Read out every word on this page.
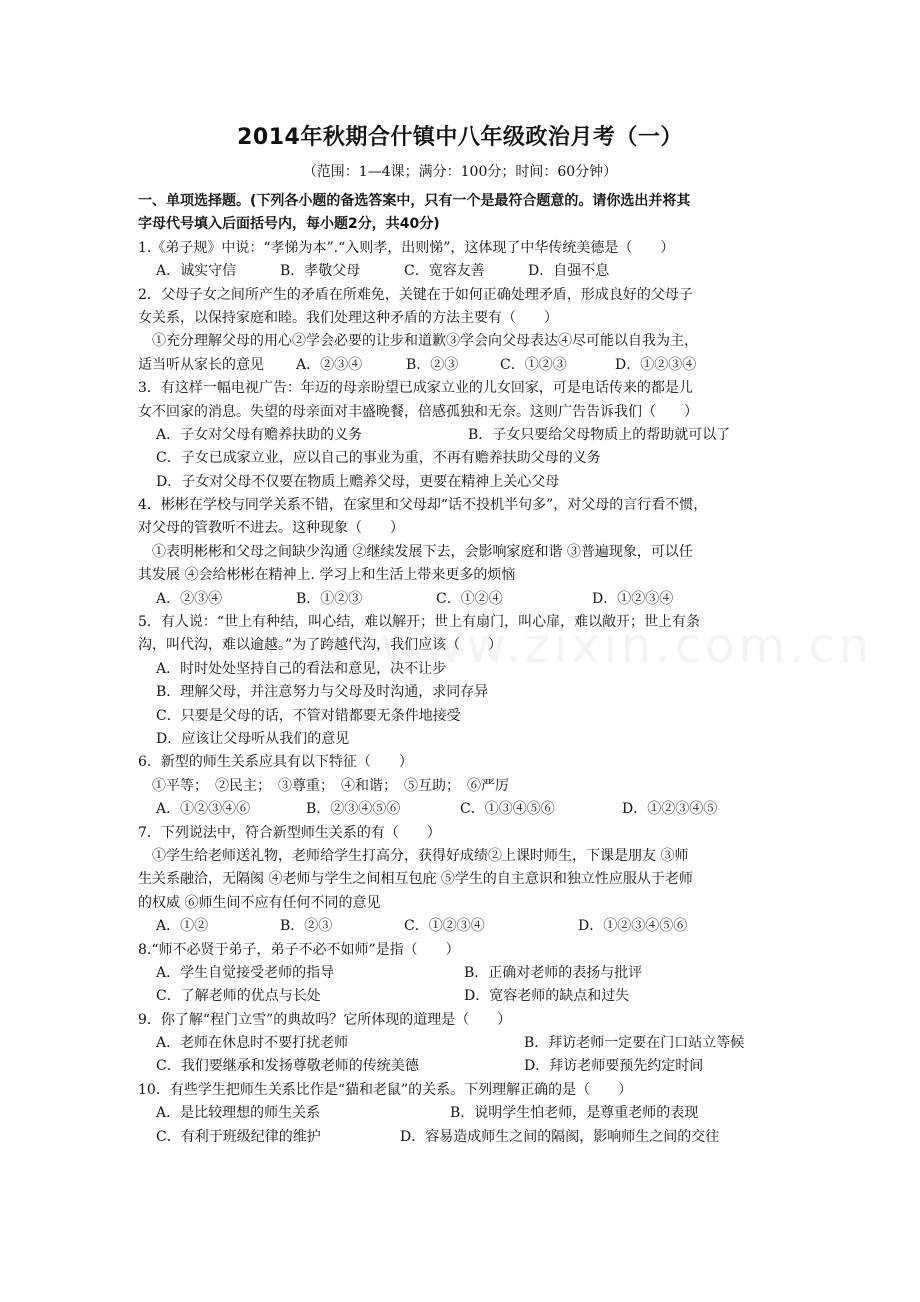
2014年秋期合什镇中八年级政治月考（一）
（范围：1—4课；满分：100分；时间：60分钟）
一、单项选择题。(下列各小题的备选答案中，只有一个是最符合题意的。请你选出并将其
字母代号填入后面括号内，每小题2分，共40分)
1.《弟子规》中说：“孝悌为本”.“入则孝，出则悌”，这体现了中华传统美德是（　　）
A．诚实守信	B．孝敬父母	C．宽容友善	D．自强不息
2．父母子女之间所产生的矛盾在所难免，关键在于如何正确处理矛盾，形成良好的父母子
女关系，以保持家庭和睦。我们处理这种矛盾的方法主要有（　　）
①充分理解父母的用心②学会必要的让步和道歉③学会向父母表达④尽可能以自我为主，
适当听从家长的意见	A．②③④	B．②③	C．①②③	D．①②③④
3．有这样一幅电视广告：年迈的母亲盼望已成家立业的儿女回家，可是电话传来的都是儿
女不回家的消息。失望的母亲面对丰盛晚餐，倍感孤独和无奈。这则广告告诉我们（　　）
A．子女对父母有赡养扶助的义务	B．子女只要给父母物质上的帮助就可以了
C．子女已成家立业，应以自己的事业为重，不再有赡养扶助父母的义务
D．子女对父母不仅要在物质上赡养父母，更要在精神上关心父母
4．彬彬在学校与同学关系不错，在家里和父母却“话不投机半句多”，对父母的言行看不惯，
对父母的管教听不进去。这种现象（　　）
①表明彬彬和父母之间缺少沟通 ②继续发展下去，会影响家庭和谐 ③普遍现象，可以任
其发展 ④会给彬彬在精神上. 学习上和生活上带来更多的烦恼
A．②③④	B．①②③	C．①②④	D．①②③④
5．有人说：“世上有种结，叫心结，难以解开；世上有扇门，叫心扉，难以敞开；世上有条
沟，叫代沟，难以逾越。”为了跨越代沟，我们应该（　　）
A．时时处处坚持自己的看法和意见，决不让步
B．理解父母，并注意努力与父母及时沟通，求同存异
C．只要是父母的话，不管对错都要无条件地接受
D．应该让父母听从我们的意见
6．新型的师生关系应具有以下特征（　　）
①平等；　②民主；　③尊重；　④和谐；　⑤互助；　⑥严厉
A．①②③④⑥	B．②③④⑤⑥	C．①③④⑤⑥	D．①②③④⑤
7．下列说法中，符合新型师生关系的有（　　）
①学生给老师送礼物，老师给学生打高分，获得好成绩②上课时师生，下课是朋友 ③师
生关系融洽，无隔阂 ④老师与学生之间相互包庇 ⑤学生的自主意识和独立性应服从于老师
的权威 ⑥师生间不应有任何不同的意见
A．①②	B．②③	C．①②③④	D．①②③④⑤⑥
8.“师不必贤于弟子，弟子不必不如师”是指（　　）
A．学生自觉接受老师的指导	B．正确对老师的表扬与批评
C．了解老师的优点与长处	D．宽容老师的缺点和过失
9．你了解“程门立雪”的典故吗？它所体现的道理是（　　）
A．老师在休息时不要打扰老师	B．拜访老师一定要在门口站立等候
C．我们要继承和发扬尊敬老师的传统美德	D．拜访老师要预先约定时间
10．有些学生把师生关系比作是“猫和老鼠”的关系。下列理解正确的是（　　）
A．是比较理想的师生关系	B．说明学生怕老师，是尊重老师的表现
C．有利于班级纪律的维护	D．容易造成师生之间的隔阂，影响师生之间的交往
